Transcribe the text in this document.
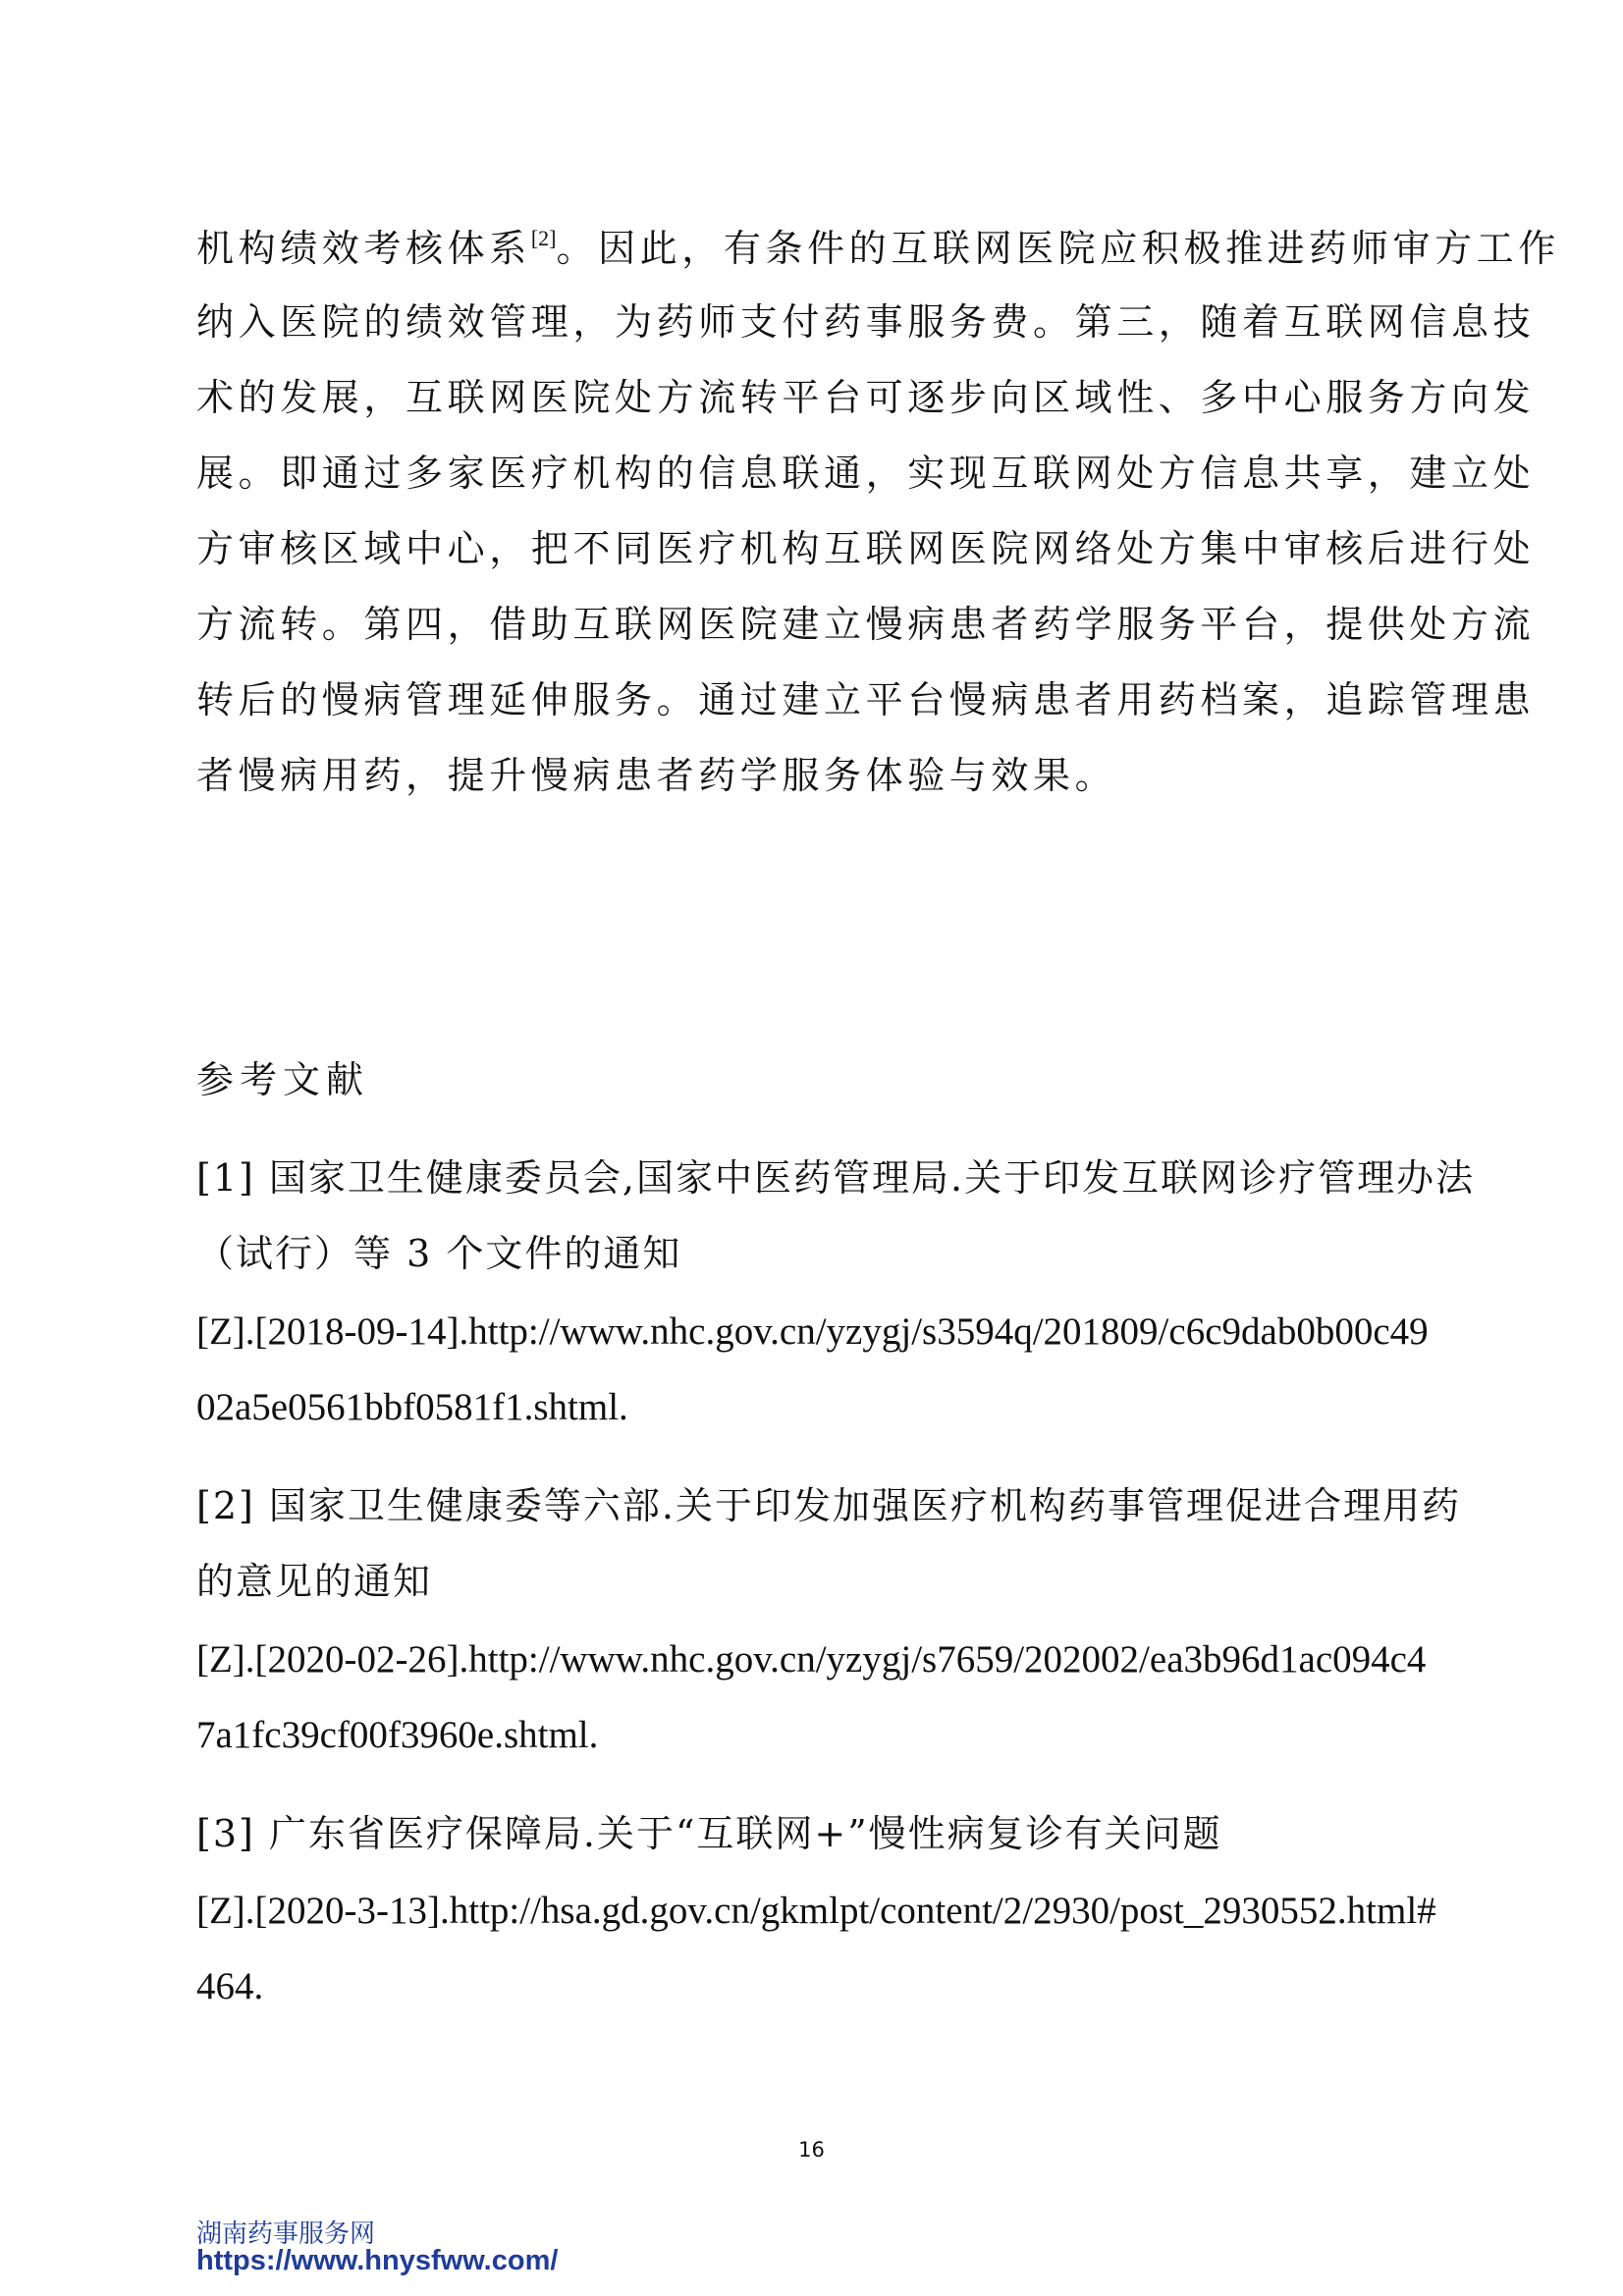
机构绩效考核体系[2]。因此，有条件的互联网医院应积极推进药师审方工作
纳入医院的绩效管理，为药师支付药事服务费。第三，随着互联网信息技
术的发展，互联网医院处方流转平台可逐步向区域性、多中心服务方向发
展。即通过多家医疗机构的信息联通，实现互联网处方信息共享，建立处
方审核区域中心，把不同医疗机构互联网医院网络处方集中审核后进行处
方流转。第四，借助互联网医院建立慢病患者药学服务平台，提供处方流
转后的慢病管理延伸服务。通过建立平台慢病患者用药档案，追踪管理患
者慢病用药，提升慢病患者药学服务体验与效果。
参考文献
[1] 国家卫生健康委员会,国家中医药管理局.关于印发互联网诊疗管理办法
（试行）等 3 个文件的通知
[Z].[2018-09-14].http://www.nhc.gov.cn/yzygj/s3594q/201809/c6c9dab0b00c49
02a5e0561bbf0581f1.shtml.
[2] 国家卫生健康委等六部.关于印发加强医疗机构药事管理促进合理用药
的意见的通知
[Z].[2020-02-26].http://www.nhc.gov.cn/yzygj/s7659/202002/ea3b96d1ac094c4
7a1fc39cf00f3960e.shtml.
[3] 广东省医疗保障局.关于“互联网+”慢性病复诊有关问题
[Z].[2020-3-13].http://hsa.gd.gov.cn/gkmlpt/content/2/2930/post_2930552.html#
464.
16
湖南药事服务网
https://www.hnysfww.com/
